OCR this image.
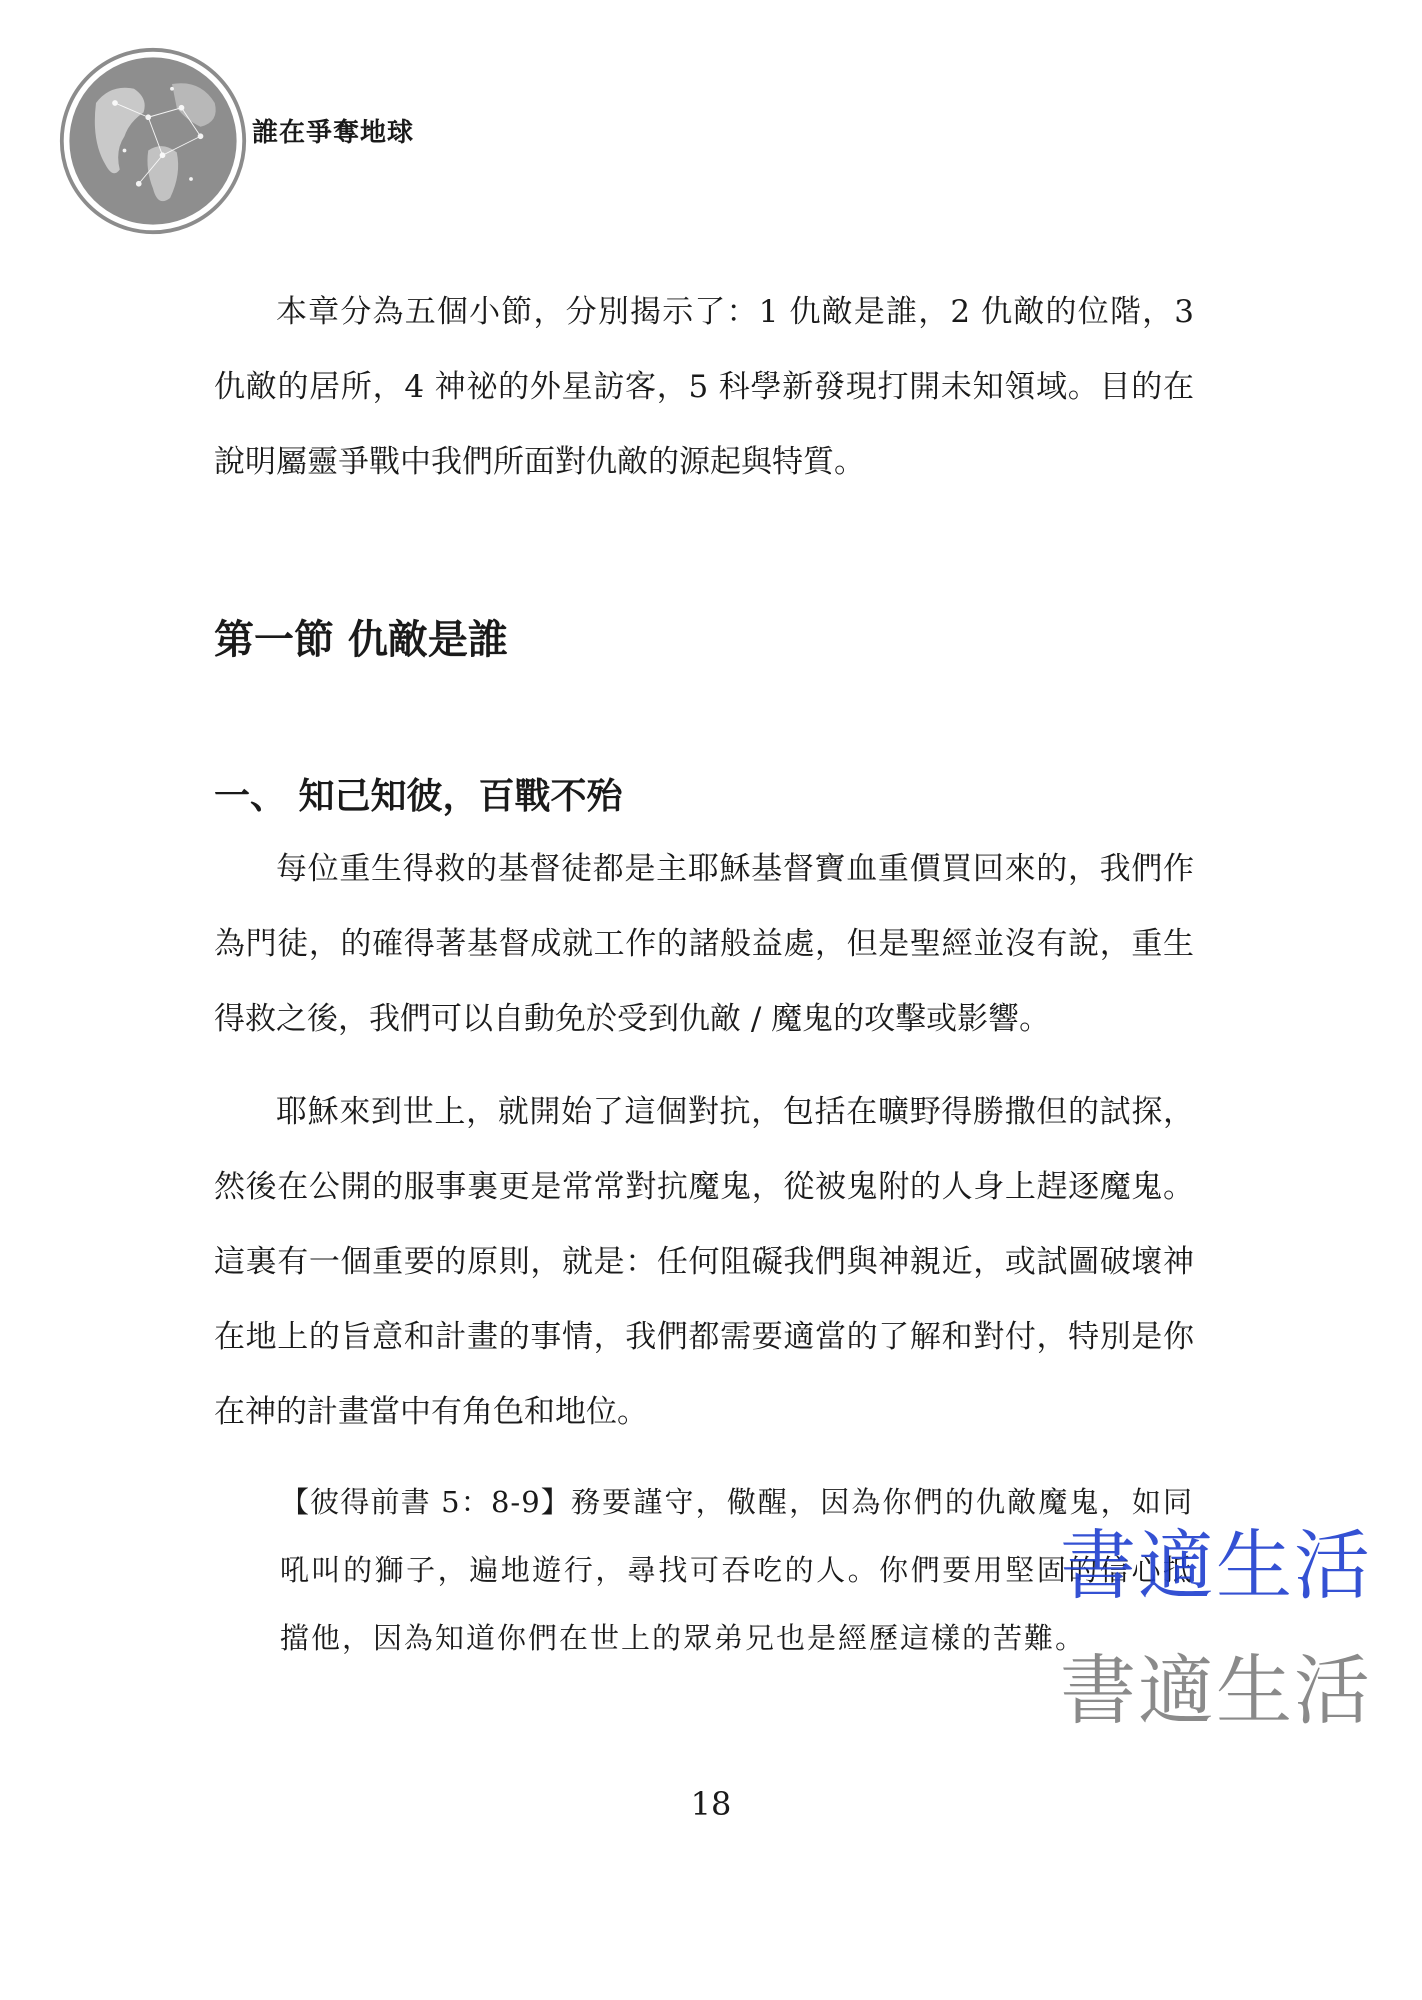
誰在爭奪地球

本章分為五個小節，分別揭示了：1 仇敵是誰，2 仇敵的位階，3 仇敵的居所，4 神祕的外星訪客，5 科學新發現打開未知領域。目的在說明屬靈爭戰中我們所面對仇敵的源起與特質。

第一節 仇敵是誰
一、 知己知彼，百戰不殆

每位重生得救的基督徒都是主耶穌基督寶血重價買回來的，我們作為門徒，的確得著基督成就工作的諸般益處，但是聖經並沒有說，重生得救之後，我們可以自動免於受到仇敵 / 魔鬼的攻擊或影響。

耶穌來到世上，就開始了這個對抗，包括在曠野得勝撒但的試探，然後在公開的服事裏更是常常對抗魔鬼，從被鬼附的人身上趕逐魔鬼。這裏有一個重要的原則，就是：任何阻礙我們與神親近，或試圖破壞神在地上的旨意和計畫的事情，我們都需要適當的了解和對付，特別是你在神的計畫當中有角色和地位。

【彼得前書 5：8-9】務要謹守，儆醒，因為你們的仇敵魔鬼，如同吼叫的獅子，遍地遊行，尋找可吞吃的人。你們要用堅固的信心抵擋他，因為知道你們在世上的眾弟兄也是經歷這樣的苦難。

18
書適生活
書適生活
